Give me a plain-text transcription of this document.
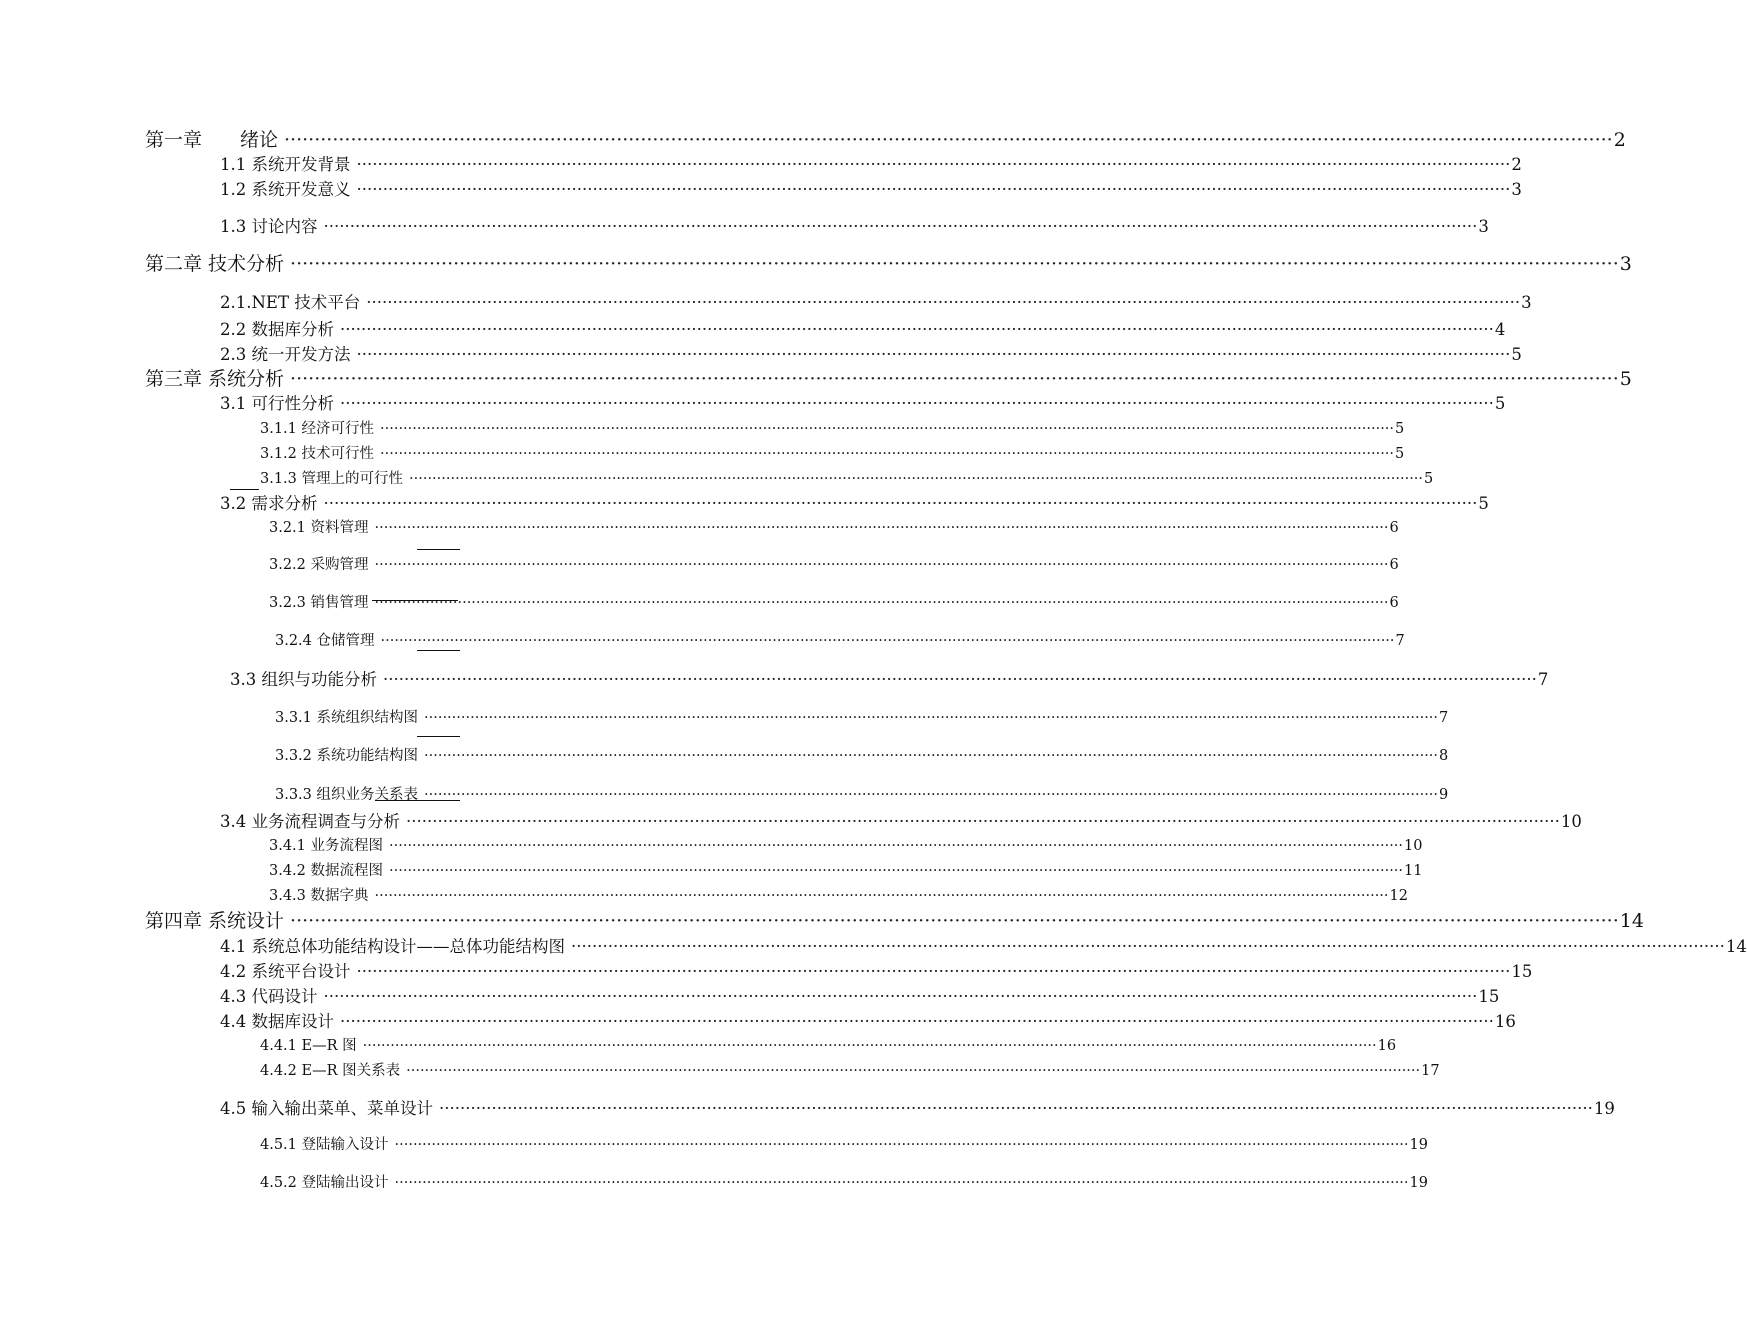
第一章　　绪论 ···························································································································································································································· 2
1.1 系统开发背景 ···························································································································································································································· 2
1.2 系统开发意义 ···························································································································································································································· 3
1.3 讨论内容 ···························································································································································································································· 3
第二章 技术分析 ···························································································································································································································· 3
2.1.NET 技术平台 ···························································································································································································································· 3
2.2 数据库分析 ···························································································································································································································· 4
2.3 统一开发方法 ···························································································································································································································· 5
第三章 系统分析 ···························································································································································································································· 5
3.1 可行性分析 ···························································································································································································································· 5
3.1.1 经济可行性 ···························································································································································································································· 5
3.1.2 技术可行性 ···························································································································································································································· 5
3.1.3 管理上的可行性 ···························································································································································································································· 5
3.2 需求分析 ···························································································································································································································· 5
3.2.1 资料管理 ···························································································································································································································· 6
3.2.2 采购管理 ···························································································································································································································· 6
3.2.3 销售管理 ···························································································································································································································· 6
3.2.4 仓储管理 ···························································································································································································································· 7
3.3 组织与功能分析 ···························································································································································································································· 7
3.3.1 系统组织结构图 ···························································································································································································································· 7
3.3.2 系统功能结构图 ···························································································································································································································· 8
3.3.3 组织业务关系表 ···························································································································································································································· 9
3.4 业务流程调查与分析 ···························································································································································································································· 10
3.4.1 业务流程图 ···························································································································································································································· 10
3.4.2 数据流程图 ···························································································································································································································· 11
3.4.3 数据字典 ···························································································································································································································· 12
第四章 系统设计 ···························································································································································································································· 14
4.1 系统总体功能结构设计——总体功能结构图 ···························································································································································································································· 14
4.2 系统平台设计 ···························································································································································································································· 15
4.3 代码设计 ···························································································································································································································· 15
4.4 数据库设计 ···························································································································································································································· 16
4.4.1 E—R 图 ···························································································································································································································· 16
4.4.2 E—R 图关系表 ···························································································································································································································· 17
4.5 输入输出菜单、菜单设计 ···························································································································································································································· 19
4.5.1 登陆输入设计 ···························································································································································································································· 19
4.5.2 登陆输出设计 ···························································································································································································································· 19
